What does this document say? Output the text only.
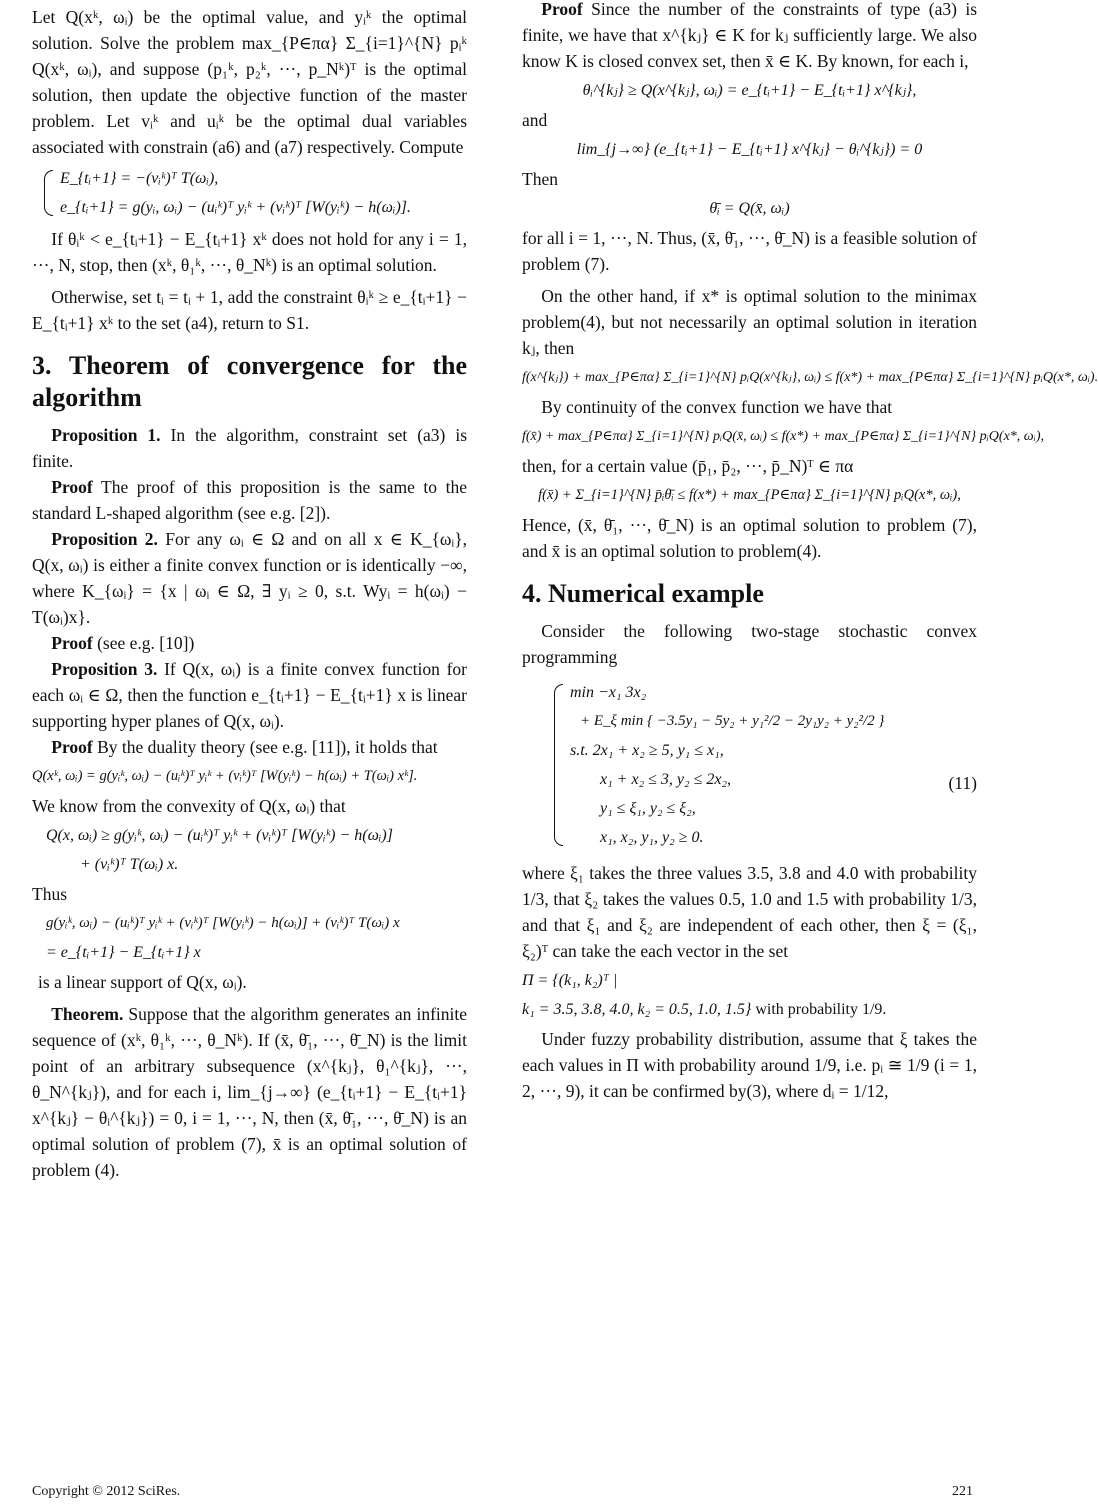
Let Q(xᵏ, ωᵢ) be the optimal value, and yᵢᵏ the optimal solution. Solve the problem max_{P∈πα} Σ_{i=1}^{N} pᵢᵏ Q(xᵏ, ωᵢ), and suppose (p₁ᵏ, p₂ᵏ, ···, p_Nᵏ)ᵀ is the optimal solution, then update the objective function of the master problem. Let vᵢᵏ and uᵢᵏ be the optimal dual variables associated with constrain (a6) and (a7) respectively. Compute

E_{tᵢ+1} = −(vᵢᵏ)ᵀ T(ωᵢ),
e_{tᵢ+1} = g(yᵢ, ωᵢ) − (uᵢᵏ)ᵀ yᵢᵏ + (vᵢᵏ)ᵀ [W(yᵢᵏ) − h(ωᵢ)].

If θᵢᵏ < e_{tᵢ+1} − E_{tᵢ+1} xᵏ does not hold for any i = 1, ···, N, stop, then (xᵏ, θ₁ᵏ, ···, θ_Nᵏ) is an optimal solution.

Otherwise, set tᵢ = tᵢ + 1, add the constraint θᵢᵏ ≥ e_{tᵢ+1} − E_{tᵢ+1} xᵏ to the set (a4), return to S1.

3. Theorem of convergence for the algorithm

Proposition 1. In the algorithm, constraint set (a3) is finite.

Proof The proof of this proposition is the same to the standard L-shaped algorithm (see e.g. [2]).

Proposition 2. For any ωᵢ ∈ Ω and on all x ∈ K_{ωᵢ}, Q(x, ωᵢ) is either a finite convex function or is identically −∞, where K_{ωᵢ} = {x | ωᵢ ∈ Ω, ∃ yᵢ ≥ 0, s.t. Wyᵢ = h(ωᵢ) − T(ωᵢ)x}.

Proof (see e.g. [10])

Proposition 3. If Q(x, ωᵢ) is a finite convex function for each ωᵢ ∈ Ω, then the function e_{tᵢ+1} − E_{tᵢ+1} x is linear supporting hyper planes of Q(x, ωᵢ).

Proof By the duality theory (see e.g. [11]), it holds that

Q(xᵏ, ωᵢ) = g(yᵢᵏ, ωᵢ) − (uᵢᵏ)ᵀ yᵢᵏ + (vᵢᵏ)ᵀ [W(yᵢᵏ) − h(ωᵢ) + T(ωᵢ) xᵏ].

We know from the convexity of Q(x, ωᵢ) that

Q(x, ωᵢ) ≥ g(yᵢᵏ, ωᵢ) − (uᵢᵏ)ᵀ yᵢᵏ + (vᵢᵏ)ᵀ [W(yᵢᵏ) − h(ωᵢ)]
+ (vᵢᵏ)ᵀ T(ωᵢ) x.

Thus

g(yᵢᵏ, ωᵢ) − (uᵢᵏ)ᵀ yᵢᵏ + (vᵢᵏ)ᵀ [W(yᵢᵏ) − h(ωᵢ)] + (vᵢᵏ)ᵀ T(ωᵢ) x
= e_{tᵢ+1} − E_{tᵢ+1} x

is a linear support of Q(x, ωᵢ).

Theorem. Suppose that the algorithm generates an infinite sequence of (xᵏ, θ₁ᵏ, ···, θ_Nᵏ). If (x̄, θ̄₁, ···, θ̄_N) is the limit point of an arbitrary subsequence (x^{kⱼ}, θ₁^{kⱼ}, ···, θ_N^{kⱼ}), and for each i, lim_{j→∞} (e_{tᵢ+1} − E_{tᵢ+1} x^{kⱼ} − θᵢ^{kⱼ}) = 0, i = 1, ···, N, then (x̄, θ̄₁, ···, θ̄_N) is an optimal solution of problem (7), x̄ is an optimal solution of problem (4).

Proof Since the number of the constraints of type (a3) is finite, we have that x^{kⱼ} ∈ K for kⱼ sufficiently large. We also know K is closed convex set, then x̄ ∈ K. By known, for each i,

θᵢ^{kⱼ} ≥ Q(x^{kⱼ}, ωᵢ) = e_{tᵢ+1} − E_{tᵢ+1} x^{kⱼ},

and

lim_{j→∞} (e_{tᵢ+1} − E_{tᵢ+1} x^{kⱼ} − θᵢ^{kⱼ}) = 0

Then

θ̄ᵢ = Q(x̄, ωᵢ)

for all i = 1, ···, N. Thus, (x̄, θ̄₁, ···, θ̄_N) is a feasible solution of problem (7).

On the other hand, if x* is optimal solution to the minimax problem(4), but not necessarily an optimal solution in iteration kⱼ, then

f(x^{kⱼ}) + max_{P∈πα} Σ_{i=1}^{N} pᵢQ(x^{kⱼ}, ωᵢ) ≤ f(x*) + max_{P∈πα} Σ_{i=1}^{N} pᵢQ(x*, ωᵢ).

By continuity of the convex function we have that

f(x̄) + max_{P∈πα} Σ_{i=1}^{N} pᵢQ(x̄, ωᵢ) ≤ f(x*) + max_{P∈πα} Σ_{i=1}^{N} pᵢQ(x*, ωᵢ),

then, for a certain value (p̄₁, p̄₂, ···, p̄_N)ᵀ ∈ πα

f(x̄) + Σ_{i=1}^{N} p̄ᵢθ̄ᵢ ≤ f(x*) + max_{P∈πα} Σ_{i=1}^{N} pᵢQ(x*, ωᵢ),

Hence, (x̄, θ̄₁, ···, θ̄_N) is an optimal solution to problem (7), and x̄ is an optimal solution to problem(4).

4. Numerical example

Consider the following two-stage stochastic convex programming

(11)
min −x₁ 3x₂
+ E_ξ min { −3.5y₁ − 5y₂ + y₁²/2 − 2y₁y₂ + y₂²/2 }
s.t. 2x₁ + x₂ ≥ 5, y₁ ≤ x₁,
x₁ + x₂ ≤ 3, y₂ ≤ 2x₂,
y₁ ≤ ξ₁, y₂ ≤ ξ₂,
x₁, x₂, y₁, y₂ ≥ 0.

where ξ₁ takes the three values 3.5, 3.8 and 4.0 with probability 1/3, that ξ₂ takes the values 0.5, 1.0 and 1.5 with probability 1/3, and that ξ₁ and ξ₂ are independent of each other, then ξ = (ξ₁, ξ₂)ᵀ can take the each vector in the set

Π = {(k₁, k₂)ᵀ |
k₁ = 3.5, 3.8, 4.0, k₂ = 0.5, 1.0, 1.5} with probability 1/9.

Under fuzzy probability distribution, assume that ξ takes the each values in Π with probability around 1/9, i.e. pᵢ ≅ 1/9 (i = 1, 2, ···, 9), it can be confirmed by(3), where dᵢ = 1/12,

Copyright © 2012 SciRes.	221
